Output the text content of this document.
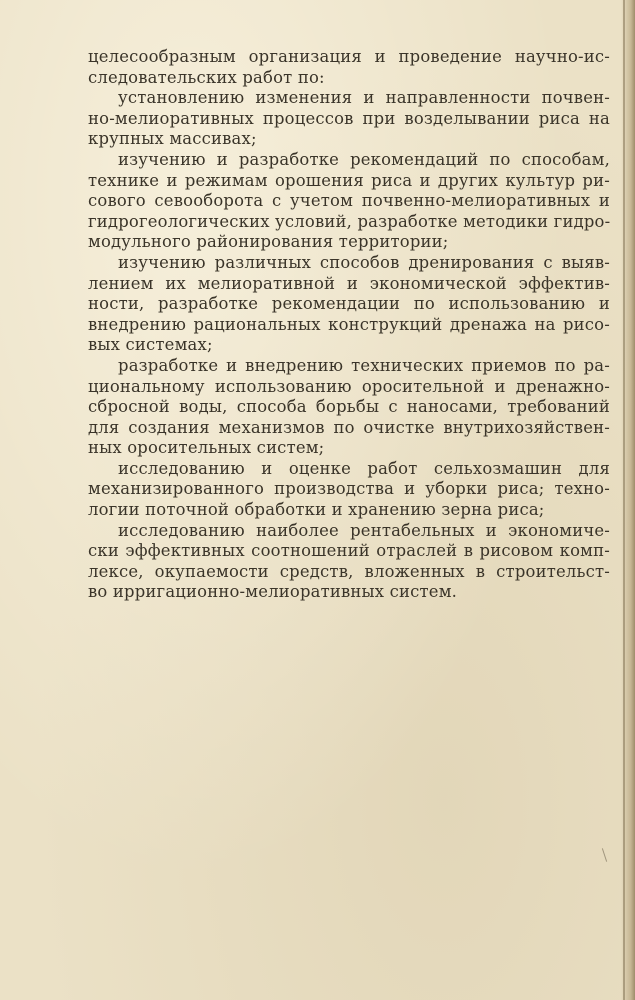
целесообразным организация и проведение научно-ис-
следовательских работ по:
установлению изменения и направленности почвен-
но-мелиоративных процессов при возделывании риса на
крупных массивах;
изучению и разработке рекомендаций по способам,
технике и режимам орошения риса и других культур ри-
сового севооборота с учетом почвенно-мелиоративных и
гидрогеологических условий, разработке методики гидро-
модульного районирования территории;
изучению различных способов дренирования с выяв-
лением их мелиоративной и экономической эффектив-
ности, разработке рекомендации по использованию и
внедрению рациональных конструкций дренажа на рисо-
вых системах;
разработке и внедрению технических приемов по ра-
циональному использованию оросительной и дренажно-
сбросной воды, способа борьбы с наносами, требований
для создания механизмов по очистке внутрихозяйствен-
ных оросительных систем;
исследованию и оценке работ сельхозмашин для
механизированного производства и уборки риса; техно-
логии поточной обработки и хранению зерна риса;
исследованию наиболее рентабельных и экономиче-
ски эффективных соотношений отраслей в рисовом комп-
лексе, окупаемости средств, вложенных в строительст-
во ирригационно-мелиоративных систем.
